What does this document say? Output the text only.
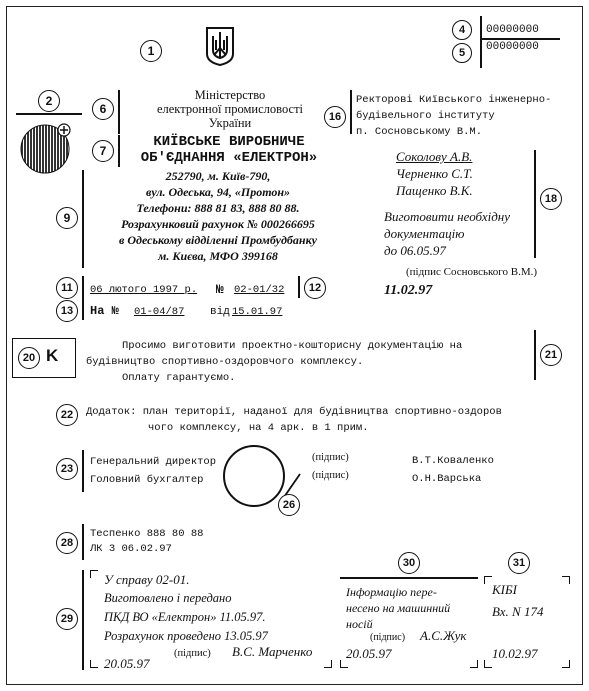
1
4
5
00000000
00000000
2
6
Міністерство
електронної промисловості
України
7
КИЇВСЬКЕ ВИРОБНИЧЕ
ОБ'ЄДНАННЯ «ЕЛЕКТРОН»
9
252790, м. Київ-790,
вул. Одеська, 94, «Протон»
Телефони: 888 81 83, 888 80 88.
Розрахунковий рахунок № 000266695
в Одеському відділенні Промбудбанку
м. Києва, МФО 399168
16
Ректорові Київського інженерно-
будівельного інституту
п. Сосновському В.М.
Соколову А.В.
Черненко С.Т.
Пащенко В.К.
Виготовити необхідну
документацію
до 06.05.97
18
(підпис Сосновського В.М.)
11.02.97
11	06 лютого 1997 р. № 02-01/32	12
13	На № 01-04/87 від 15.01.97
20 K	Просимо виготовити проектно-кошторисну документацію на
будівництво спортивно-оздоровчого комплексу.
Оплату гарантуємо.
21
22	Додаток: план території, наданої для будівництва спортивно-оздоров
чого комплексу, на 4 арк. в 1 прим.
23
Генеральний директор	(підпис)	В.Т.Коваленко
Головний бухгалтер	(підпис)	О.Н.Варська
26
28
Теспенко 888 80 88
ЛК 3 06.02.97
30	31
29
У справу 02-01.
Виготовлено і передано
ПКД ВО «Електрон» 11.05.97.
Розрахунок проведено 13.05.97
(підпис) В.С. Марченко
20.05.97
Інформацію пере-
несено на машинний
носій
(підпис) А.С.Жук
20.05.97
КІБІ
Вх. N 174
10.02.97
